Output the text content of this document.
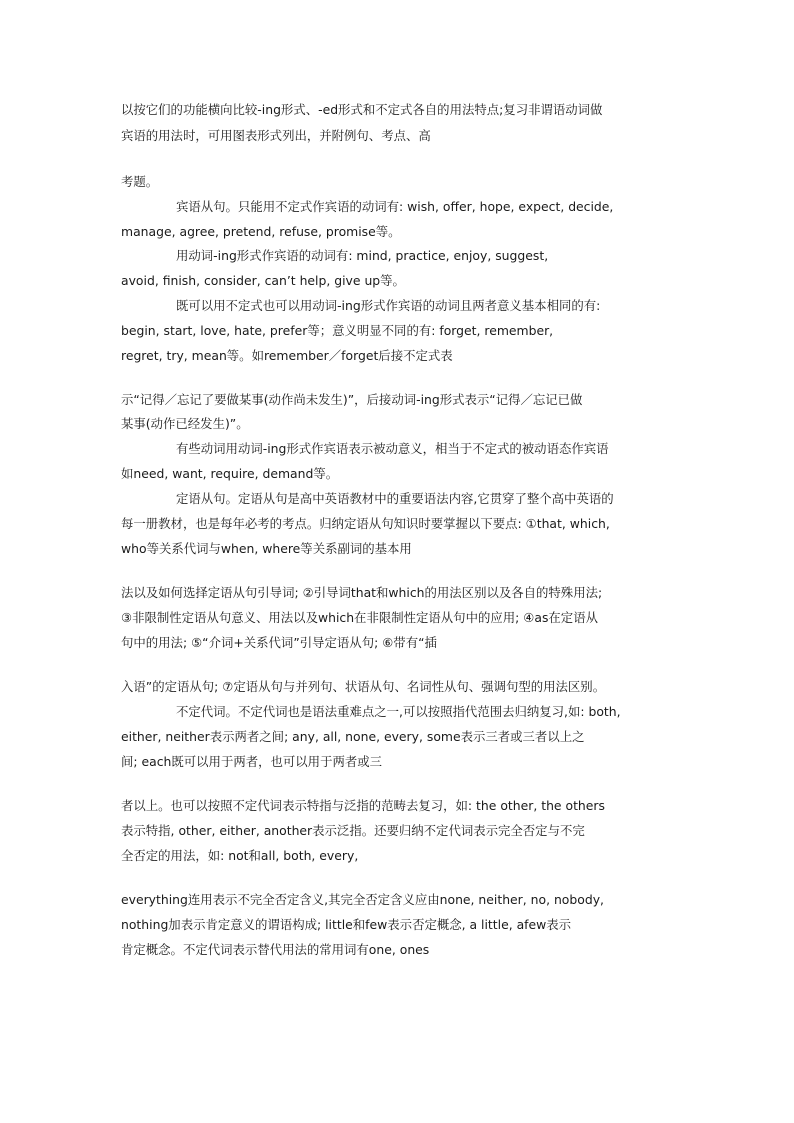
以按它们的功能横向比较-ing形式、-ed形式和不定式各自的用法特点;复习非谓语动词做
宾语的用法时，可用图表形式列出，并附例句、考点、高
考题。
宾语从句。只能用不定式作宾语的动词有: wish, offer, hope, expect, decide,
manage, agree, pretend, refuse, promise等。
用动词-ing形式作宾语的动词有: mind, practice, enjoy, suggest,
avoid, finish, consider, can’t help, give up等。
既可以用不定式也可以用动词-ing形式作宾语的动词且两者意义基本相同的有:
begin, start, love, hate, prefer等；意义明显不同的有: forget, remember,
regret, try, mean等。如remember／forget后接不定式表
示“记得／忘记了要做某事(动作尚未发生)”，后接动词-ing形式表示“记得／忘记已做
某事(动作已经发生)”。
有些动词用动词-ing形式作宾语表示被动意义，相当于不定式的被动语态作宾语
如need, want, require, demand等。
定语从句。定语从句是高中英语教材中的重要语法内容,它贯穿了整个高中英语的
每一册教材，也是每年必考的考点。归纳定语从句知识时要掌握以下要点: ①that, which,
who等关系代词与when, where等关系副词的基本用
法以及如何选择定语从句引导词; ②引导词that和which的用法区别以及各自的特殊用法;
③非限制性定语从句意义、用法以及which在非限制性定语从句中的应用; ④as在定语从
句中的用法; ⑤“介词+关系代词”引导定语从句; ⑥带有“插
入语”的定语从句; ⑦定语从句与并列句、状语从句、名词性从句、强调句型的用法区别。
不定代词。不定代词也是语法重难点之一,可以按照指代范围去归纳复习,如: both,
either, neither表示两者之间; any, all, none, every, some表示三者或三者以上之
间; each既可以用于两者，也可以用于两者或三
者以上。也可以按照不定代词表示特指与泛指的范畴去复习，如: the other, the others
表示特指, other, either, another表示泛指。还要归纳不定代词表示完全否定与不完
全否定的用法，如: not和all, both, every,
everything连用表示不完全否定含义,其完全否定含义应由none, neither, no, nobody,
nothing加表示肯定意义的谓语构成; little和few表示否定概念, a little, afew表示
肯定概念。不定代词表示替代用法的常用词有one, ones
